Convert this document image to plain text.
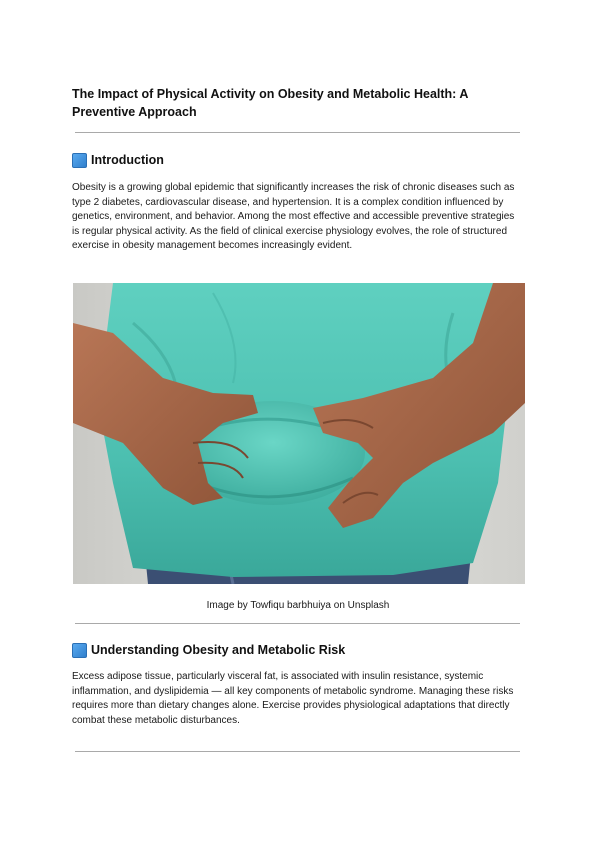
The Impact of Physical Activity on Obesity and Metabolic Health: A Preventive Approach
Introduction
Obesity is a growing global epidemic that significantly increases the risk of chronic diseases such as type 2 diabetes, cardiovascular disease, and hypertension. It is a complex condition influenced by genetics, environment, and behavior. Among the most effective and accessible preventive strategies is regular physical activity. As the field of clinical exercise physiology evolves, the role of structured exercise in obesity management becomes increasingly evident.
Image by Towfiqu barbhuiya on Unsplash
Understanding Obesity and Metabolic Risk
Excess adipose tissue, particularly visceral fat, is associated with insulin resistance, systemic inflammation, and dyslipidemia — all key components of metabolic syndrome. Managing these risks requires more than dietary changes alone. Exercise provides physiological adaptations that directly combat these metabolic disturbances.
